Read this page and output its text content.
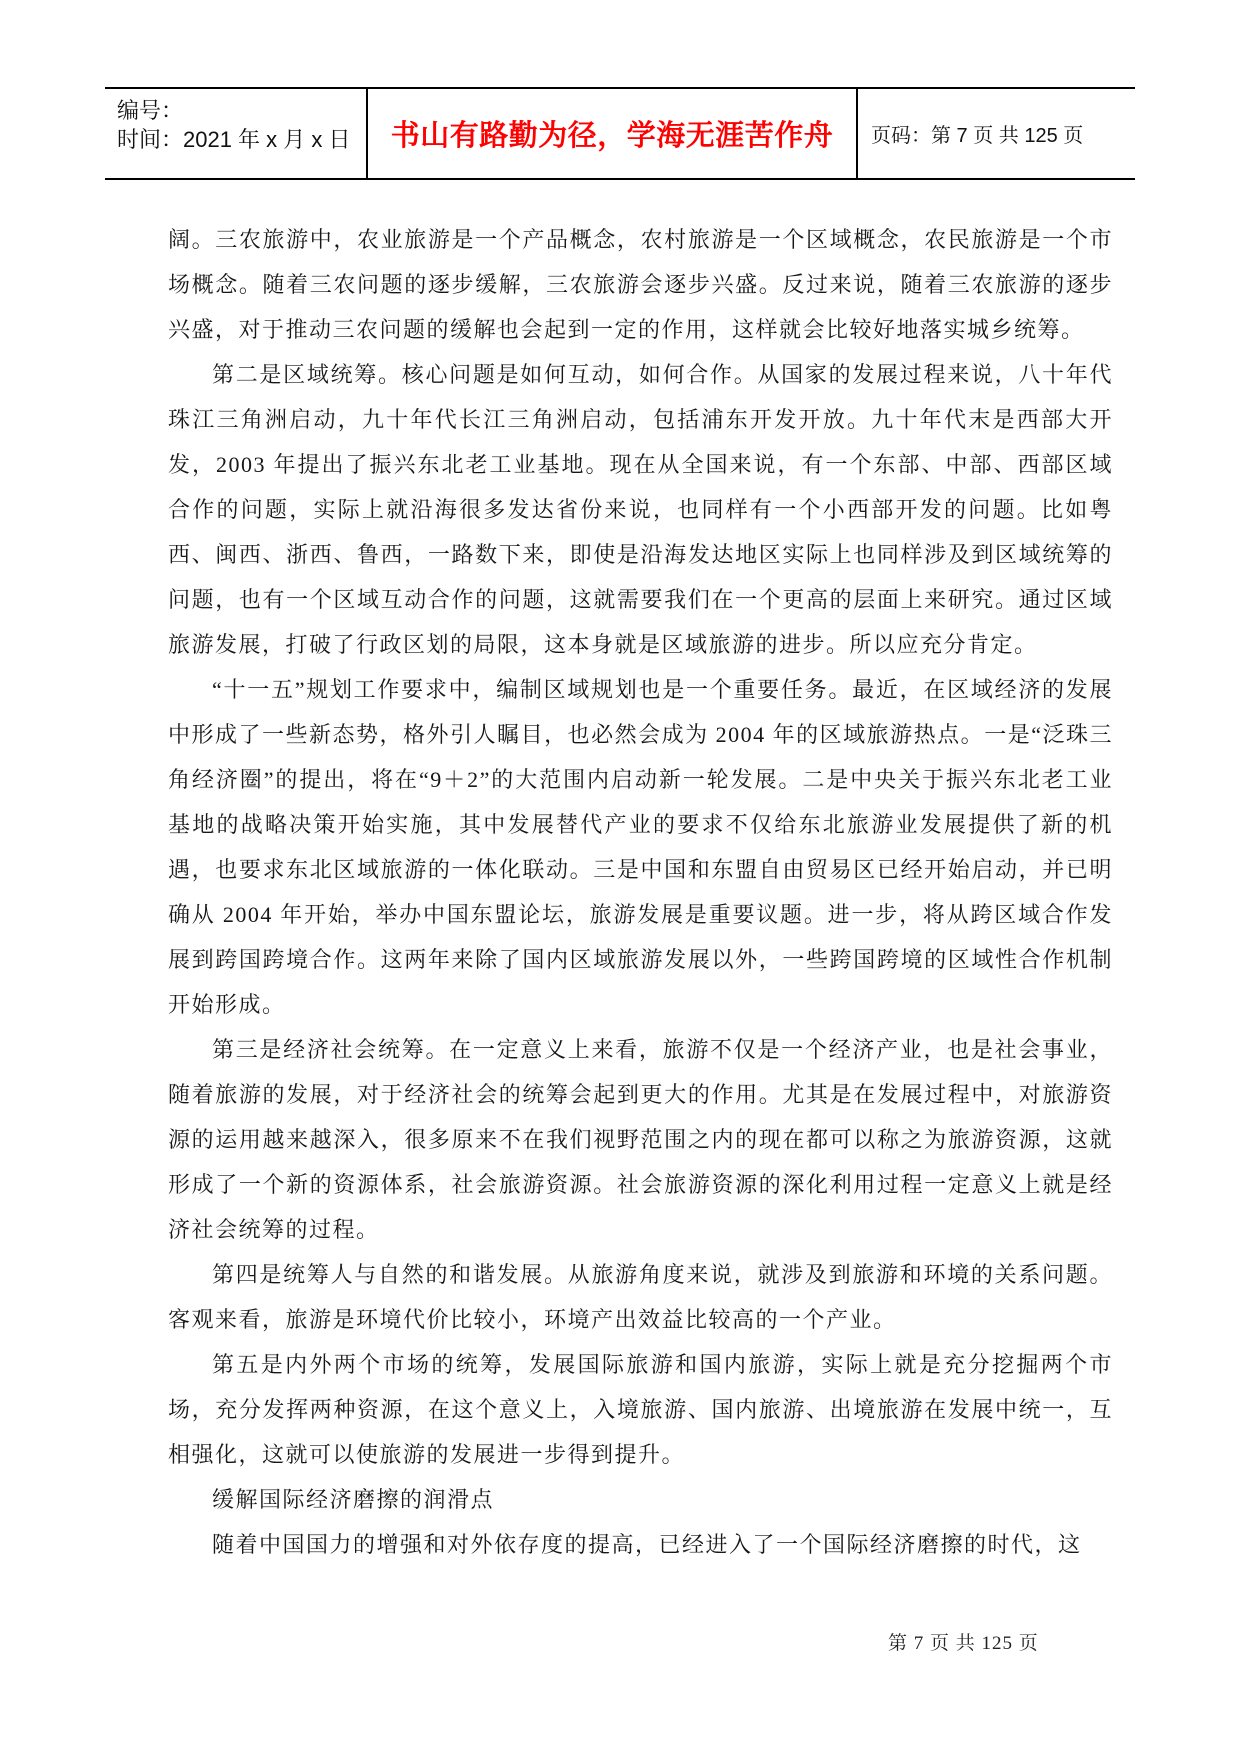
编号：
时间：2021 年 x 月 x 日	书山有路勤为径，学海无涯苦作舟 页码：第 7 页 共 125 页

阔。三农旅游中，农业旅游是一个产品概念，农村旅游是一个区域概念，农民旅游是一个市场概念。随着三农问题的逐步缓解，三农旅游会逐步兴盛。反过来说，随着三农旅游的逐步兴盛，对于推动三农问题的缓解也会起到一定的作用，这样就会比较好地落实城乡统筹。

第二是区域统筹。核心问题是如何互动，如何合作。从国家的发展过程来说，八十年代珠江三角洲启动，九十年代长江三角洲启动，包括浦东开发开放。九十年代末是西部大开发，2003 年提出了振兴东北老工业基地。现在从全国来说，有一个东部、中部、西部区域合作的问题，实际上就沿海很多发达省份来说，也同样有一个小西部开发的问题。比如粤西、闽西、浙西、鲁西，一路数下来，即使是沿海发达地区实际上也同样涉及到区域统筹的问题，也有一个区域互动合作的问题，这就需要我们在一个更高的层面上来研究。通过区域旅游发展，打破了行政区划的局限，这本身就是区域旅游的进步。所以应充分肯定。

“十一五”规划工作要求中，编制区域规划也是一个重要任务。最近，在区域经济的发展中形成了一些新态势，格外引人瞩目，也必然会成为 2004 年的区域旅游热点。一是“泛珠三角经济圈”的提出，将在“9＋2”的大范围内启动新一轮发展。二是中央关于振兴东北老工业基地的战略决策开始实施，其中发展替代产业的要求不仅给东北旅游业发展提供了新的机遇，也要求东北区域旅游的一体化联动。三是中国和东盟自由贸易区已经开始启动，并已明确从 2004 年开始，举办中国东盟论坛，旅游发展是重要议题。进一步，将从跨区域合作发展到跨国跨境合作。这两年来除了国内区域旅游发展以外，一些跨国跨境的区域性合作机制开始形成。

第三是经济社会统筹。在一定意义上来看，旅游不仅是一个经济产业，也是社会事业，随着旅游的发展，对于经济社会的统筹会起到更大的作用。尤其是在发展过程中，对旅游资源的运用越来越深入，很多原来不在我们视野范围之内的现在都可以称之为旅游资源，这就形成了一个新的资源体系，社会旅游资源。社会旅游资源的深化利用过程一定意义上就是经济社会统筹的过程。

第四是统筹人与自然的和谐发展。从旅游角度来说，就涉及到旅游和环境的关系问题。客观来看，旅游是环境代价比较小，环境产出效益比较高的一个产业。

第五是内外两个市场的统筹，发展国际旅游和国内旅游，实际上就是充分挖掘两个市场，充分发挥两种资源，在这个意义上，入境旅游、国内旅游、出境旅游在发展中统一，互相强化，这就可以使旅游的发展进一步得到提升。

缓解国际经济磨擦的润滑点

随着中国国力的增强和对外依存度的提高，已经进入了一个国际经济磨擦的时代，这

第 7 页 共 125 页
